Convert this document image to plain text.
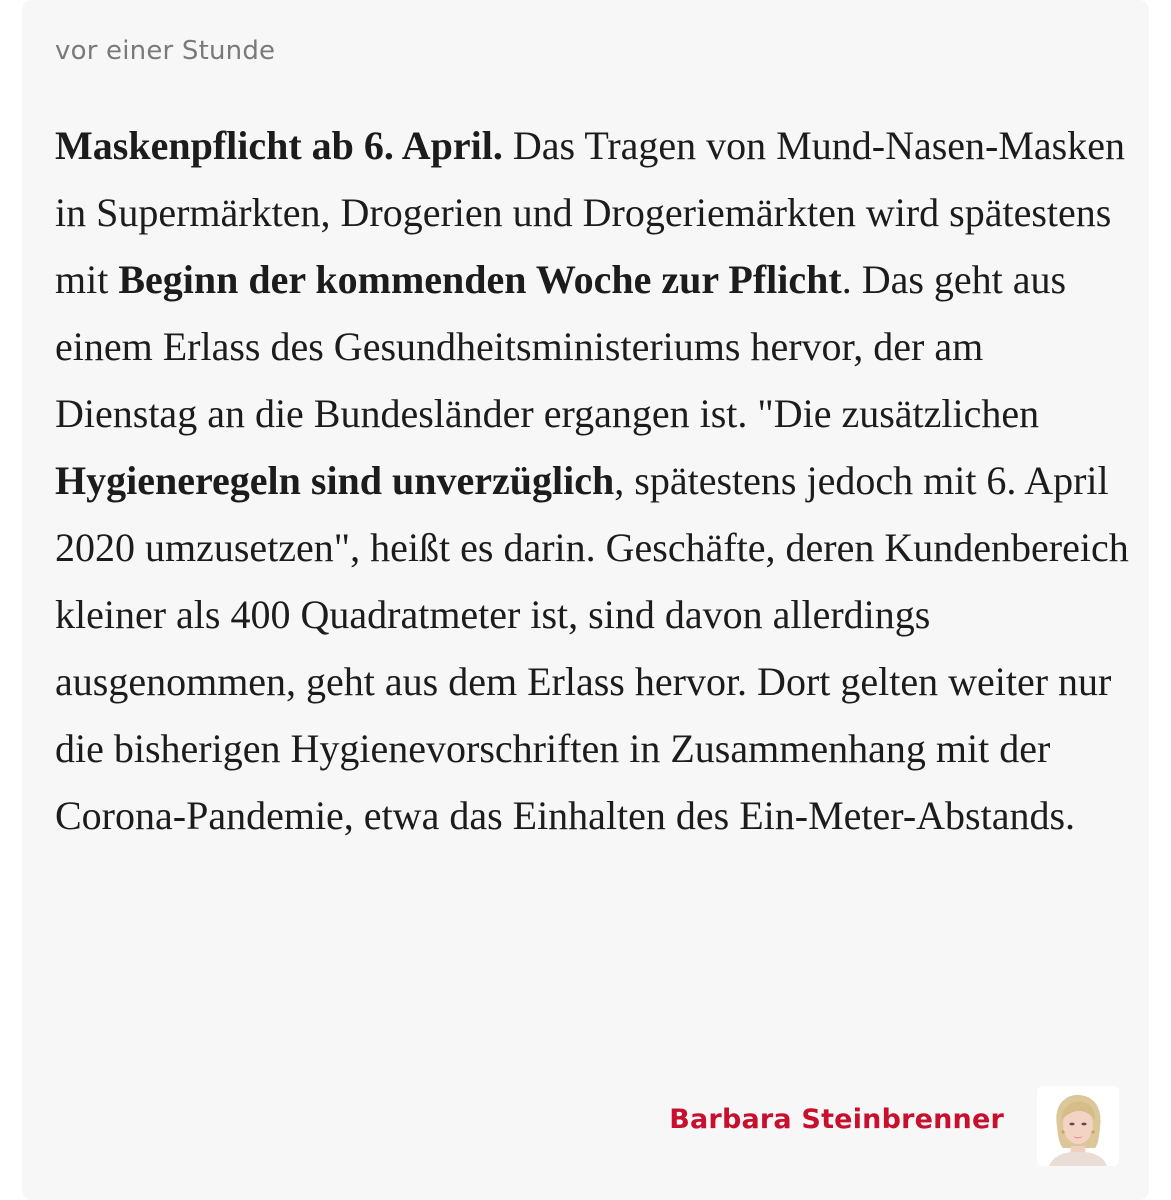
vor einer Stunde

Maskenpflicht ab 6. April. Das Tragen von Mund-Nasen-Masken in Supermärkten, Drogerien und Drogeriemärkten wird spätestens mit Beginn der kommenden Woche zur Pflicht. Das geht aus einem Erlass des Gesundheitsministeriums hervor, der am Dienstag an die Bundesländer ergangen ist. "Die zusätzlichen Hygieneregeln sind unverzüglich, spätestens jedoch mit 6. April 2020 umzusetzen", heißt es darin. Geschäfte, deren Kundenbereich kleiner als 400 Quadratmeter ist, sind davon allerdings ausgenommen, geht aus dem Erlass hervor. Dort gelten weiter nur die bisherigen Hygienevorschriften in Zusammenhang mit der Corona-Pandemie, etwa das Einhalten des Ein-Meter-Abstands.

Barbara Steinbrenner
